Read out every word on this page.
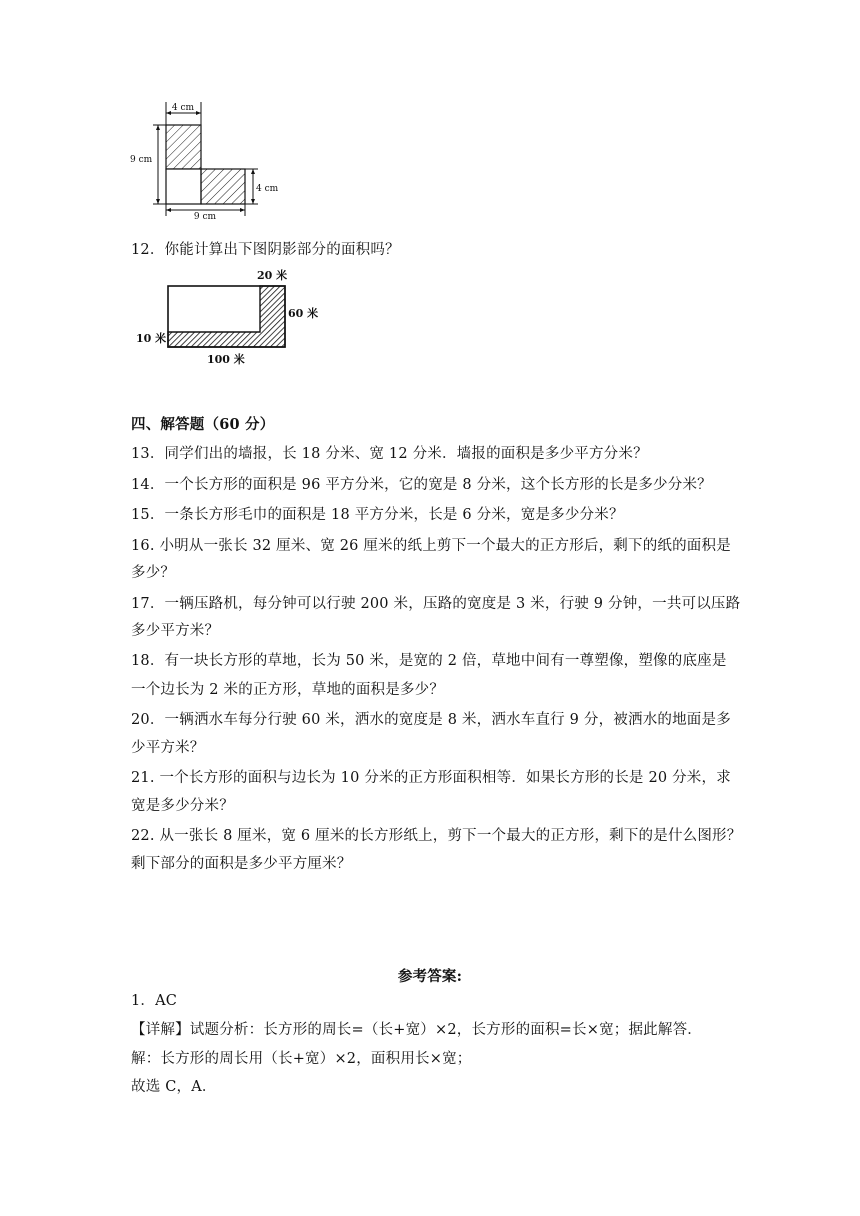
4 cm
9 cm
4 cm
9 cm
12．你能计算出下图阴影部分的面积吗？
20 米
60 米
10 米
100 米
四、解答题（60 分）
13．同学们出的墙报，长 18 分米、宽 12 分米．墙报的面积是多少平方分米？
14．一个长方形的面积是 96 平方分米，它的宽是 8 分米，这个长方形的长是多少分米？
15．一条长方形毛巾的面积是 18 平方分米，长是 6 分米，宽是多少分米？
16. 小明从一张长 32 厘米、宽 26 厘米的纸上剪下一个最大的正方形后，剩下的纸的面积是
多少？
17．一辆压路机，每分钟可以行驶 200 米，压路的宽度是 3 米，行驶 9 分钟，一共可以压路
多少平方米？
18．有一块长方形的草地，长为 50 米，是宽的 2 倍，草地中间有一尊塑像，塑像的底座是
一个边长为 2 米的正方形，草地的面积是多少？
20．一辆洒水车每分行驶 60 米，洒水的宽度是 8 米，洒水车直行 9 分，被洒水的地面是多
少平方米？
21. 一个长方形的面积与边长为 10 分米的正方形面积相等．如果长方形的长是 20 分米，求
宽是多少分米？
22. 从一张长 8 厘米，宽 6 厘米的长方形纸上，剪下一个最大的正方形，剩下的是什么图形？
剩下部分的面积是多少平方厘米？
参考答案:
1．AC
【详解】试题分析：长方形的周长=（长+宽）×2，长方形的面积=长×宽；据此解答．
解：长方形的周长用（长+宽）×2，面积用长×宽；
故选 C，A．
